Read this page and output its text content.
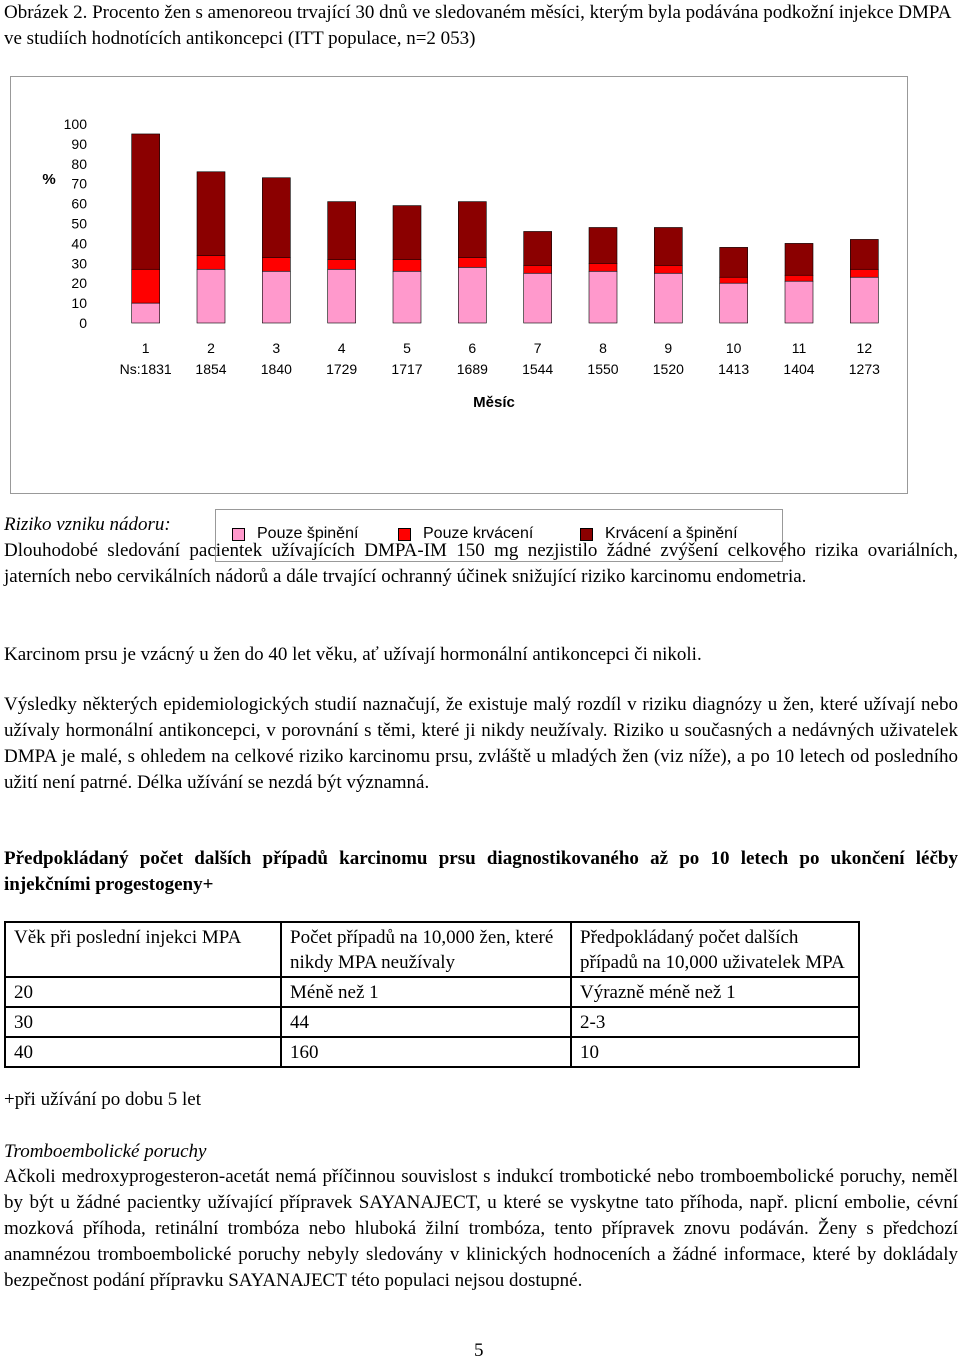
Obrázek 2. Procento žen s amenoreou trvající 30 dnů ve sledovaném měsíci, kterým byla podávána podkožní injekce DMPA ve studiích hodnotících antikoncepci (ITT populace, n=2 053)
100
90
80
70
60
50
40
30
20
10
0
%
1
Ns:1831
2
1854
3
1840
4
1729
5
1717
6
1689
7
1544
8
1550
9
1520
10
1413
11
1404
12
1273
Měsíc
Pouze špinění	Pouze krvácení	Krvácení a špinění

Riziko vzniku nádoru:

Dlouhodobé sledování pacientek užívajících DMPA-IM 150 mg nezjistilo žádné zvýšení celkového rizika ovariálních, jaterních nebo cervikálních nádorů a dále trvající ochranný účinek snižující riziko karcinomu endometria.

Karcinom prsu je vzácný u žen do 40 let věku, ať užívají hormonální antikoncepci či nikoli.

Výsledky některých epidemiologických studií naznačují, že existuje malý rozdíl v riziku diagnózy u žen, které užívají nebo užívaly hormonální antikoncepci, v porovnání s těmi, které ji nikdy neužívaly. Riziko u současných a nedávných uživatelek DMPA je malé, s ohledem na celkové riziko karcinomu prsu, zvláště u mladých žen (viz níže), a po 10 letech od posledního užití není patrné. Délka užívání se nezdá být významná.

Předpokládaný počet dalších případů karcinomu prsu diagnostikovaného až po 10 letech po ukončení léčby injekčními progestogeny+

Věk při poslední injekci MPA	Počet případů na 10,000 žen, které nikdy MPA neužívaly	Předpokládaný počet dalších případů na 10,000 uživatelek MPA
20	Méně než 1	Výrazně méně než 1
30	44	2-3
40	160	10

+při užívání po dobu 5 let

Tromboembolické poruchy

Ačkoli medroxyprogesteron-acetát nemá příčinnou souvislost s indukcí trombotické nebo tromboembolické poruchy, neměl by být u žádné pacientky užívající přípravek SAYANAJECT, u které se vyskytne tato příhoda, např. plicní embolie, cévní mozková příhoda, retinální trombóza nebo hluboká žilní trombóza, tento přípravek znovu podáván. Ženy s předchozí anamnézou tromboembolické poruchy nebyly sledovány v klinických hodnoceních a žádné informace, které by dokládaly bezpečnost podání přípravku SAYANAJECT této populaci nejsou dostupné.

5
